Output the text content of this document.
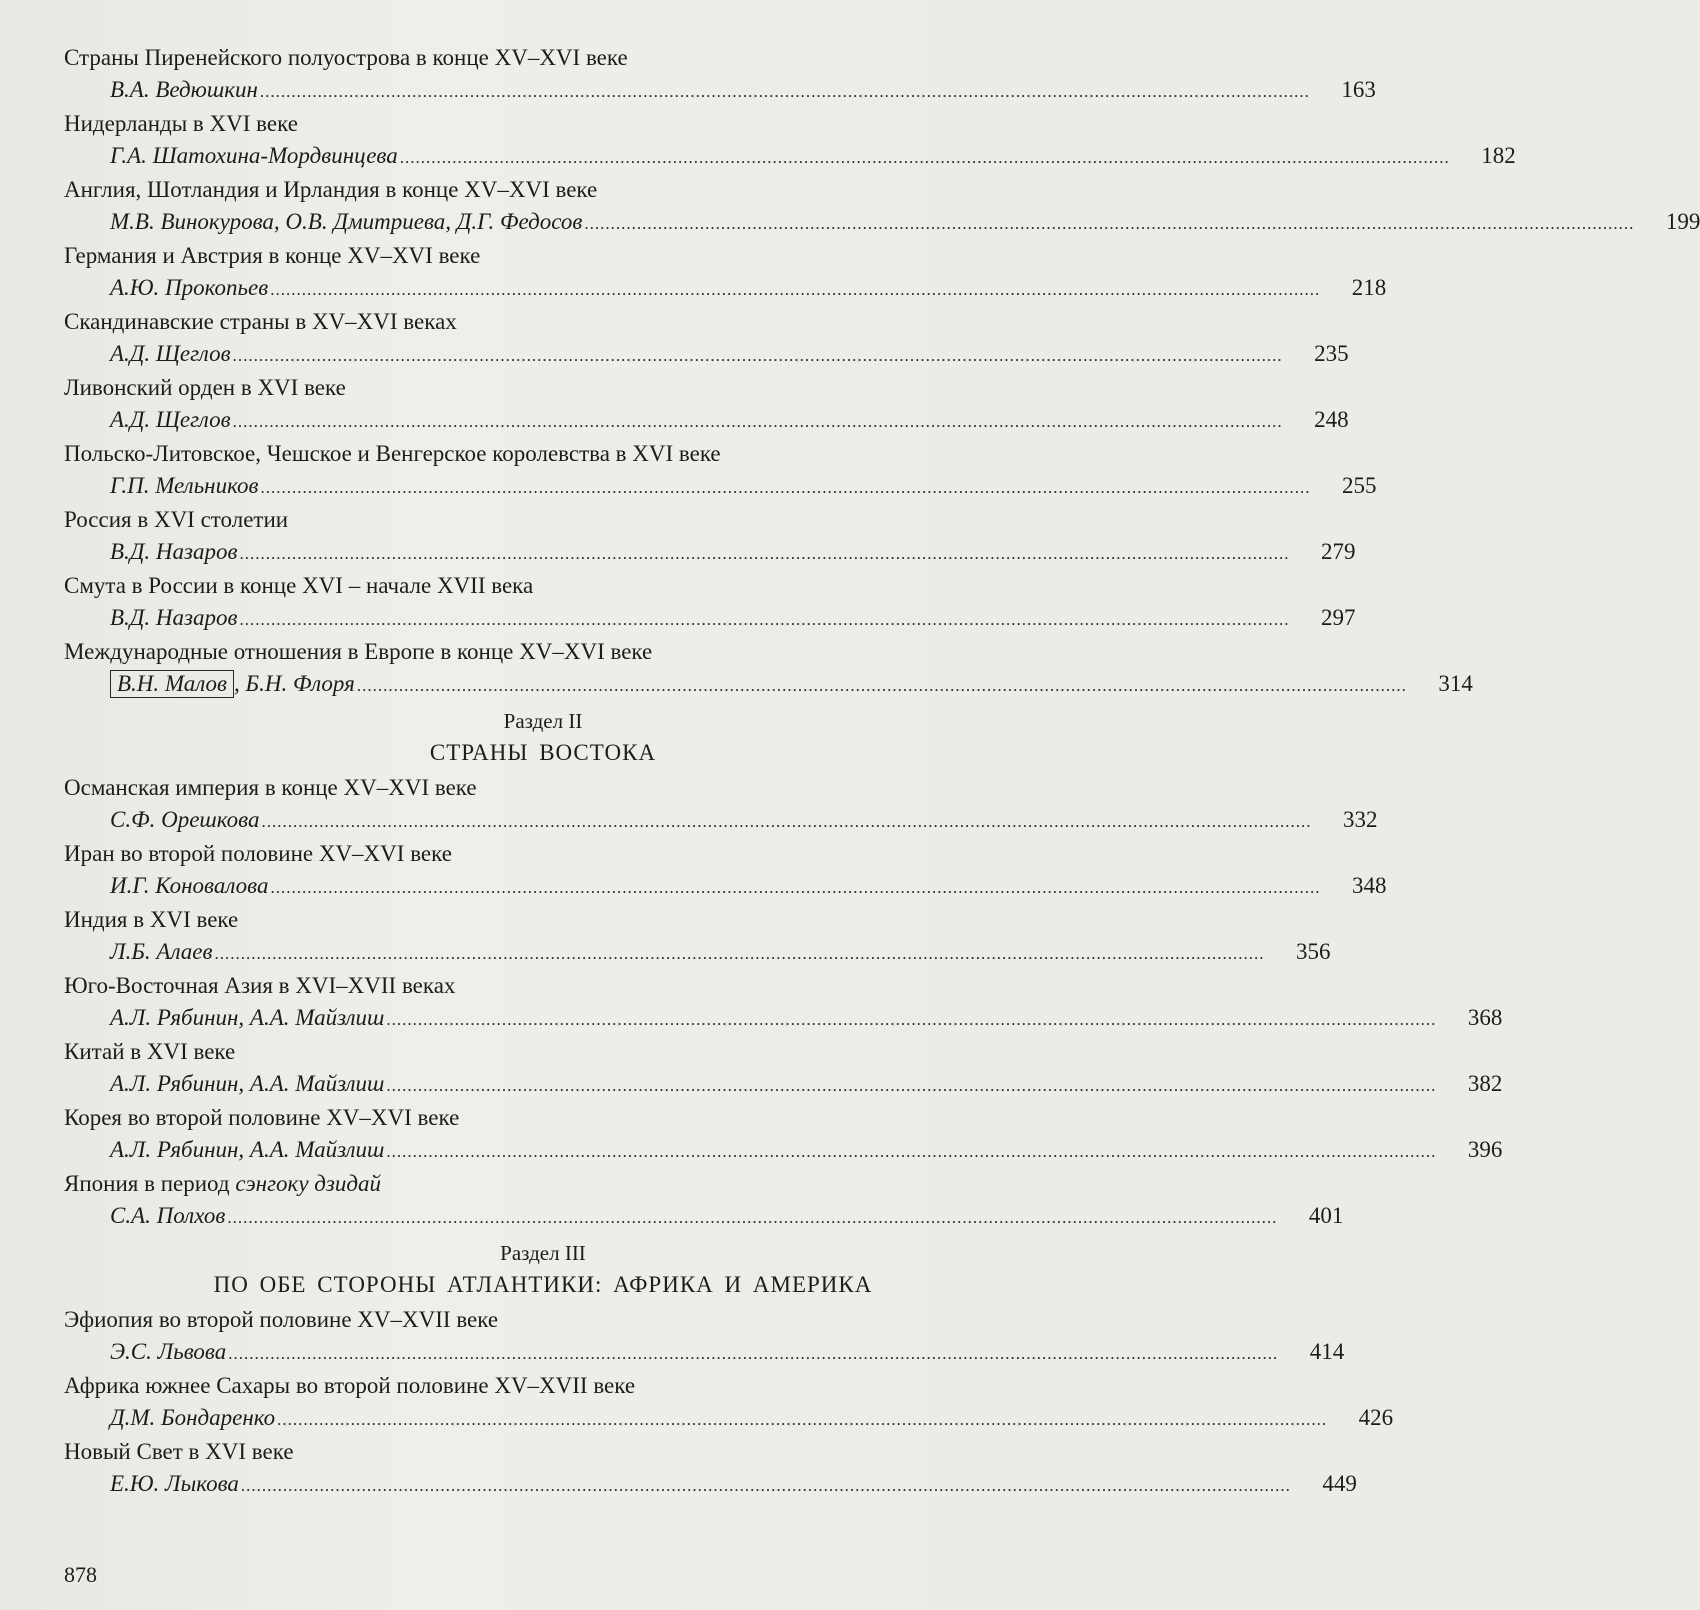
Страны Пиренейского полуострова в конце XV–XVI веке
В.А. Ведюшкин ........................................................................................................................................................................................................	163
Нидерланды в XVI веке
Г.А. Шатохина-Мордвинцева ........................................................................................................................................................................................................	182
Англия, Шотландия и Ирландия в конце XV–XVI веке
М.В. Винокурова, О.В. Дмитриева, Д.Г. Федосов ........................................................................................................................................................................................................	199
Германия и Австрия в конце XV–XVI веке
А.Ю. Прокопьев ........................................................................................................................................................................................................	218
Скандинавские страны в XV–XVI веках
А.Д. Щеглов ........................................................................................................................................................................................................	235
Ливонский орден в XVI веке
А.Д. Щеглов ........................................................................................................................................................................................................	248
Польско-Литовское, Чешское и Венгерское королевства в XVI веке
Г.П. Мельников ........................................................................................................................................................................................................	255
Россия в XVI столетии
В.Д. Назаров ........................................................................................................................................................................................................	279
Смута в России в конце XVI – начале XVII века
В.Д. Назаров ........................................................................................................................................................................................................	297
Международные отношения в Европе в конце XV–XVI веке
В.Н. Малов , Б.Н. Флоря ........................................................................................................................................................................................................	314
Раздел II
СТРАНЫ ВОСТОКА
Османская империя в конце XV–XVI веке
С.Ф. Орешкова ........................................................................................................................................................................................................	332
Иран во второй половине XV–XVI веке
И.Г. Коновалова ........................................................................................................................................................................................................	348
Индия в XVI веке
Л.Б. Алаев ........................................................................................................................................................................................................	356
Юго-Восточная Азия в XVI–XVII веках
А.Л. Рябинин, А.А. Майзлиш ........................................................................................................................................................................................................	368
Китай в XVI веке
А.Л. Рябинин, А.А. Майзлиш ........................................................................................................................................................................................................	382
Корея во второй половине XV–XVI веке
А.Л. Рябинин, А.А. Майзлиш ........................................................................................................................................................................................................	396
Япония в период сэнгоку дзидай
С.А. Полхов ........................................................................................................................................................................................................	401
Раздел III
ПО ОБЕ СТОРОНЫ АТЛАНТИКИ: АФРИКА И АМЕРИКА
Эфиопия во второй половине XV–XVII веке
Э.С. Львова ........................................................................................................................................................................................................	414
Африка южнее Сахары во второй половине XV–XVII веке
Д.М. Бондаренко ........................................................................................................................................................................................................	426
Новый Свет в XVI веке
Е.Ю. Лыкова ........................................................................................................................................................................................................	449
878
